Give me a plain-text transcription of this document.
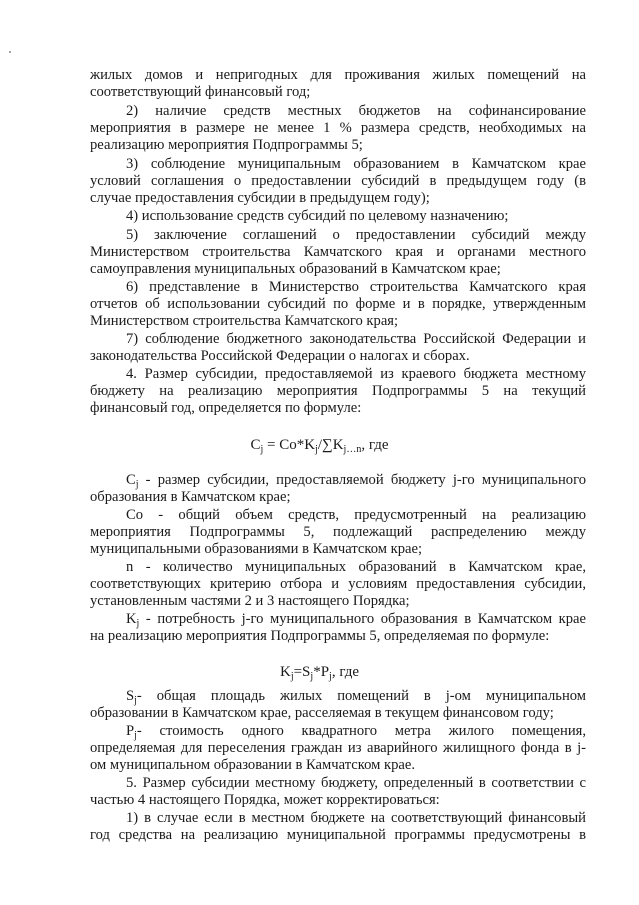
жилых домов и непригодных для проживания жилых помещений на
соответствующий финансовый год;
2) наличие средств местных бюджетов на софинансирование
мероприятия в размере не менее 1 % размера средств, необходимых на
реализацию мероприятия Подпрограммы 5;
3) соблюдение муниципальным образованием в Камчатском крае
условий соглашения о предоставлении субсидий в предыдущем году (в
случае предоставления субсидии в предыдущем году);
4) использование средств субсидий по целевому назначению;
5) заключение соглашений о предоставлении субсидий между
Министерством строительства Камчатского края и органами местного
самоуправления муниципальных образований в Камчатском крае;
6) представление в Министерство строительства Камчатского края
отчетов об использовании субсидий по форме и в порядке, утвержденным
Министерством строительства Камчатского края;
7) соблюдение бюджетного законодательства Российской Федерации и
законодательства Российской Федерации о налогах и сборах.
4. Размер субсидии, предоставляемой из краевого бюджета местному
бюджету на реализацию мероприятия Подпрограммы 5 на текущий
финансовый год, определяется по формуле:
$C_j = Co*K_j/\sum K_{j\dots n}$, где
$C_j$ - размер субсидии, предоставляемой бюджету j-го муниципального
образования в Камчатском крае;
Co - общий объем средств, предусмотренный на реализацию
мероприятия Подпрограммы 5, подлежащий распределению между
муниципальными образованиями в Камчатском крае;
n - количество муниципальных образований в Камчатском крае,
соответствующих критерию отбора и условиям предоставления субсидии,
установленным частями 2 и 3 настоящего Порядка;
$K_j$ - потребность j-го муниципального образования в Камчатском крае
на реализацию мероприятия Подпрограммы 5, определяемая по формуле:
$K_j=S_j*P_j$, где
$S_j-$ общая площадь жилых помещений в j-ом муниципальном
образовании в Камчатском крае, расселяемая в текущем финансовом году;
$P_j-$ стоимость одного квадратного метра жилого помещения,
определяемая для переселения граждан из аварийного жилищного фонда в j-
ом муниципальном образовании в Камчатском крае.
5. Размер субсидии местному бюджету, определенный в соответствии с
частью 4 настоящего Порядка, может корректироваться:
1) в случае если в местном бюджете на соответствующий финансовый
год средства на реализацию муниципальной программы предусмотрены в
